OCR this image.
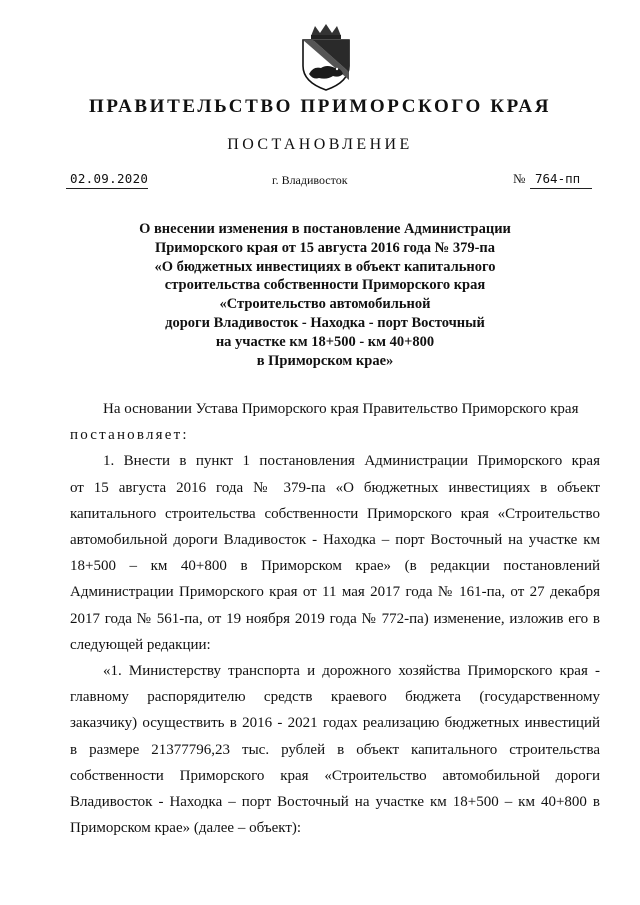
ПРАВИТЕЛЬСТВО ПРИМОРСКОГО КРАЯ
ПОСТАНОВЛЕНИЕ
02.09.2020	г. Владивосток	№ 764-пп
О внесении изменения в постановление Администрации
Приморского края от 15 августа 2016 года № 379-па
«О бюджетных инвестициях в объект капитального
строительства собственности Приморского края
«Строительство автомобильной
дороги Владивосток - Находка - порт Восточный
на участке км 18+500 - км 40+800
в Приморском крае»
На основании Устава Приморского края Правительство Приморского края
постановляет:
1. Внести в пункт 1 постановления Администрации Приморского края
от 15 августа 2016 года № 379-па «О бюджетных инвестициях в объект
капитального строительства собственности Приморского края «Строительство
автомобильной дороги Владивосток - Находка – порт Восточный на участке км
18+500 – км 40+800 в Приморском крае» (в редакции постановлений
Администрации Приморского края от 11 мая 2017 года № 161-па, от 27 декабря
2017 года № 561-па, от 19 ноября 2019 года № 772-па) изменение, изложив его в
следующей редакции:
«1. Министерству транспорта и дорожного хозяйства Приморского края -
главному распорядителю средств краевого бюджета (государственному
заказчику) осуществить в 2016 - 2021 годах реализацию бюджетных инвестиций
в размере 21377796,23 тыс. рублей в объект капитального строительства
собственности Приморского края «Строительство автомобильной дороги
Владивосток - Находка – порт Восточный на участке км 18+500 – км 40+800 в
Приморском крае» (далее – объект):
